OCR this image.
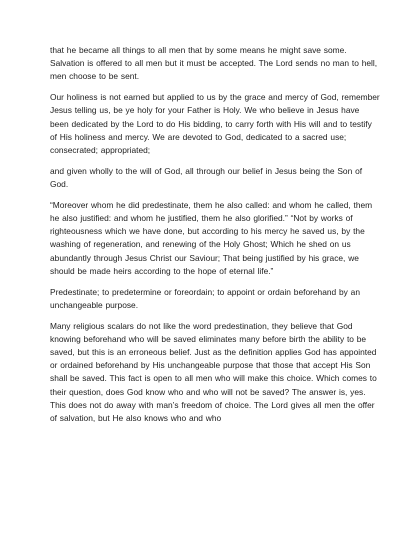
that he became all things to all men that by some means he might save some. Salvation is offered to all men but it must be accepted. The Lord sends no man to hell, men choose to be sent.

Our holiness is not earned but applied to us by the grace and mercy of God, remember Jesus telling us, be ye holy for your Father is Holy. We who believe in Jesus have been dedicated by the Lord to do His bidding, to carry forth with His will and to testify of His holiness and mercy. We are devoted to God, dedicated to a sacred use; consecrated; appropriated;

and given wholly to the will of God, all through our belief in Jesus being the Son of God.

“Moreover whom he did predestinate, them he also called: and whom he called, them he also justified: and whom he justified, them he also glorified.” “Not by works of righteousness which we have done, but according to his mercy he saved us, by the washing of regeneration, and renewing of the Holy Ghost; Which he shed on us abundantly through Jesus Christ our Saviour; That being justified by his grace, we should be made heirs according to the hope of eternal life.”

Predestinate; to predetermine or foreordain; to appoint or ordain beforehand by an unchangeable purpose.

Many religious scalars do not like the word predestination, they believe that God knowing beforehand who will be saved eliminates many before birth the ability to be saved, but this is an erroneous belief. Just as the definition applies God has appointed or ordained beforehand by His unchangeable purpose that those that accept His Son shall be saved. This fact is open to all men who will make this choice. Which comes to their question, does God know who and who will not be saved? The answer is, yes. This does not do away with man’s freedom of choice. The Lord gives all men the offer of salvation, but He also knows who and who
